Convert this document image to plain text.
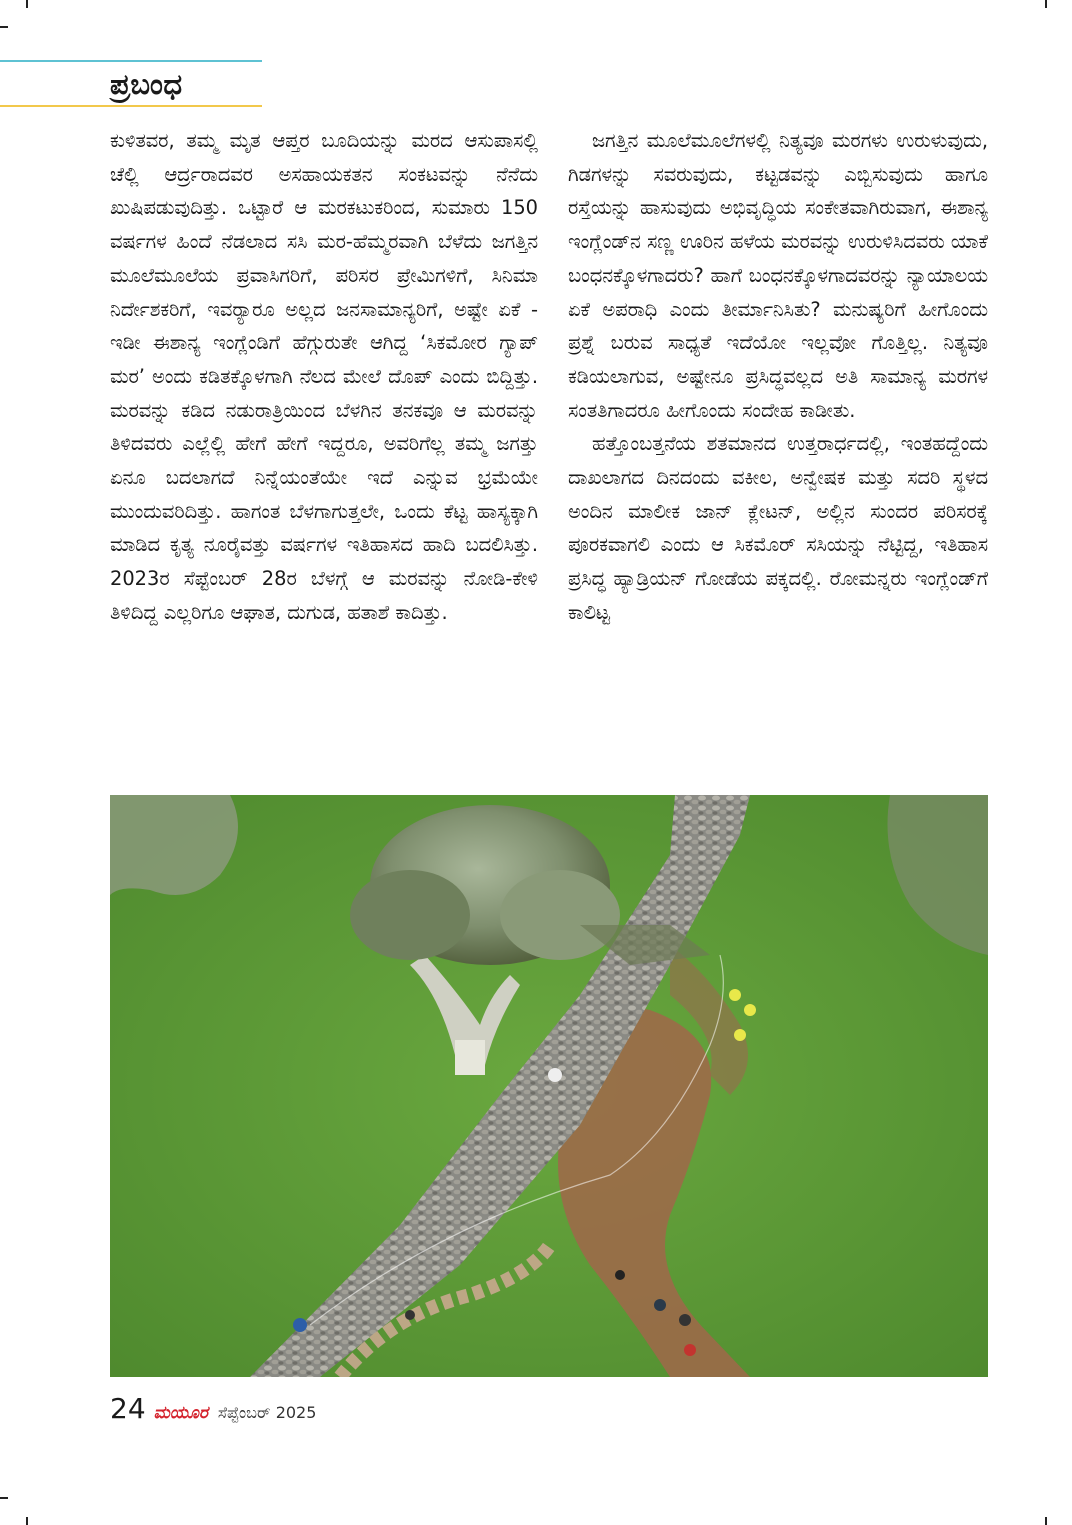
ಪ್ರಬಂಧ

ಕುಳಿತವರ, ತಮ್ಮ ಮೃತ ಆಪ್ತರ ಬೂದಿಯನ್ನು ಮರದ ಆಸುಪಾಸಲ್ಲಿ ಚೆಲ್ಲಿ ಆರ್ದ್ರರಾದವರ ಅಸಹಾಯಕತನ ಸಂಕಟವನ್ನು ನೆನೆದು ಖುಷಿಪಡುವುದಿತ್ತು. ಒಟ್ಟಾರೆ ಆ ಮರಕಟುಕರಿಂದ, ಸುಮಾರು 150 ವರ್ಷಗಳ ಹಿಂದೆ ನೆಡಲಾದ ಸಸಿ ಮರ-ಹೆಮ್ಮರವಾಗಿ ಬೆಳೆದು ಜಗತ್ತಿನ ಮೂಲೆಮೂಲೆಯ ಪ್ರವಾಸಿಗರಿಗೆ, ಪರಿಸರ ಪ್ರೇಮಿಗಳಿಗೆ, ಸಿನಿಮಾ ನಿರ್ದೇಶಕರಿಗೆ, ಇವರ್‍ಯಾರೂ ಅಲ್ಲದ ಜನಸಾಮಾನ್ಯರಿಗೆ, ಅಷ್ಟೇ ಏಕೆ - ಇಡೀ ಈಶಾನ್ಯ ಇಂಗ್ಲೆಂಡಿಗೆ ಹೆಗ್ಗುರುತೇ ಆಗಿದ್ದ ‘ಸಿಕಮೋರ ಗ್ಯಾಪ್ ಮರ’ ಅಂದು ಕಡಿತಕ್ಕೊಳಗಾಗಿ ನೆಲದ ಮೇಲೆ ದೊಪ್ ಎಂದು ಬಿದ್ದಿತ್ತು. ಮರವನ್ನು ಕಡಿದ ನಡುರಾತ್ರಿಯಿಂದ ಬೆಳಗಿನ ತನಕವೂ ಆ ಮರವನ್ನು ತಿಳಿದವರು ಎಲ್ಲೆಲ್ಲಿ ಹೇಗೆ ಹೇಗೆ ಇದ್ದರೂ, ಅವರಿಗೆಲ್ಲ ತಮ್ಮ ಜಗತ್ತು ಏನೂ ಬದಲಾಗದೆ ನಿನ್ನೆಯಂತೆಯೇ ಇದೆ ಎನ್ನುವ ಭ್ರಮೆಯೇ ಮುಂದುವರಿದಿತ್ತು. ಹಾಗಂತ ಬೆಳಗಾಗುತ್ತಲೇ, ಒಂದು ಕೆಟ್ಟ ಹಾಸ್ಯಕ್ಕಾಗಿ ಮಾಡಿದ ಕೃತ್ಯ ನೂರೈವತ್ತು ವರ್ಷಗಳ ಇತಿಹಾಸದ ಹಾದಿ ಬದಲಿಸಿತ್ತು. 2023ರ ಸೆಪ್ಟೆಂಬರ್ 28ರ ಬೆಳಗ್ಗೆ ಆ ಮರವನ್ನು ನೋಡಿ-ಕೇಳಿ ತಿಳಿದಿದ್ದ ಎಲ್ಲರಿಗೂ ಆಘಾತ, ದುಗುಡ, ಹತಾಶೆ ಕಾದಿತ್ತು.

ಜಗತ್ತಿನ ಮೂಲೆಮೂಲೆಗಳಲ್ಲಿ ನಿತ್ಯವೂ ಮರಗಳು ಉರುಳುವುದು, ಗಿಡಗಳನ್ನು ಸವರುವುದು, ಕಟ್ಟಡವನ್ನು ಎಬ್ಬಿಸುವುದು ಹಾಗೂ ರಸ್ತೆಯನ್ನು ಹಾಸುವುದು ಅಭಿವೃದ್ಧಿಯ ಸಂಕೇತವಾಗಿರುವಾಗ, ಈಶಾನ್ಯ ಇಂಗ್ಲೆಂಡ್‌ನ ಸಣ್ಣ ಊರಿನ ಹಳೆಯ ಮರವನ್ನು ಉರುಳಿಸಿದವರು ಯಾಕೆ ಬಂಧನಕ್ಕೊಳಗಾದರು? ಹಾಗೆ ಬಂಧನಕ್ಕೊಳಗಾದವರನ್ನು ನ್ಯಾಯಾಲಯ ಏಕೆ ಅಪರಾಧಿ ಎಂದು ತೀರ್ಮಾನಿಸಿತು? ಮನುಷ್ಯರಿಗೆ ಹೀಗೊಂದು ಪ್ರಶ್ನೆ ಬರುವ ಸಾಧ್ಯತೆ ಇದೆಯೋ ಇಲ್ಲವೋ ಗೊತ್ತಿಲ್ಲ. ನಿತ್ಯವೂ ಕಡಿಯಲಾಗುವ, ಅಷ್ಟೇನೂ ಪ್ರಸಿದ್ಧವಲ್ಲದ ಅತಿ ಸಾಮಾನ್ಯ ಮರಗಳ ಸಂತತಿಗಾದರೂ ಹೀಗೊಂದು ಸಂದೇಹ ಕಾಡೀತು.

ಹತ್ತೊಂಬತ್ತನೆಯ ಶತಮಾನದ ಉತ್ತರಾರ್ಧದಲ್ಲಿ, ಇಂತಹದ್ದೆಂದು ದಾಖಲಾಗದ ದಿನದಂದು ವಕೀಲ, ಅನ್ವೇಷಕ ಮತ್ತು ಸದರಿ ಸ್ಥಳದ ಅಂದಿನ ಮಾಲೀಕ ಜಾನ್ ಕ್ಲೇಟನ್, ಅಲ್ಲಿನ ಸುಂದರ ಪರಿಸರಕ್ಕೆ ಪೂರಕವಾಗಲಿ ಎಂದು ಆ ಸಿಕಮೊರ್ ಸಸಿಯನ್ನು ನೆಟ್ಟಿದ್ದ, ಇತಿಹಾಸ ಪ್ರಸಿದ್ಧ ಹ್ಯಾಡ್ರಿಯನ್ ಗೋಡೆಯ ಪಕ್ಕದಲ್ಲಿ. ರೋಮನ್ನರು ಇಂಗ್ಲೆಂಡ್‌ಗೆ ಕಾಲಿಟ್ಟ

24 ಮಯೂರ ಸೆಪ್ಟೆಂಬರ್ 2025
